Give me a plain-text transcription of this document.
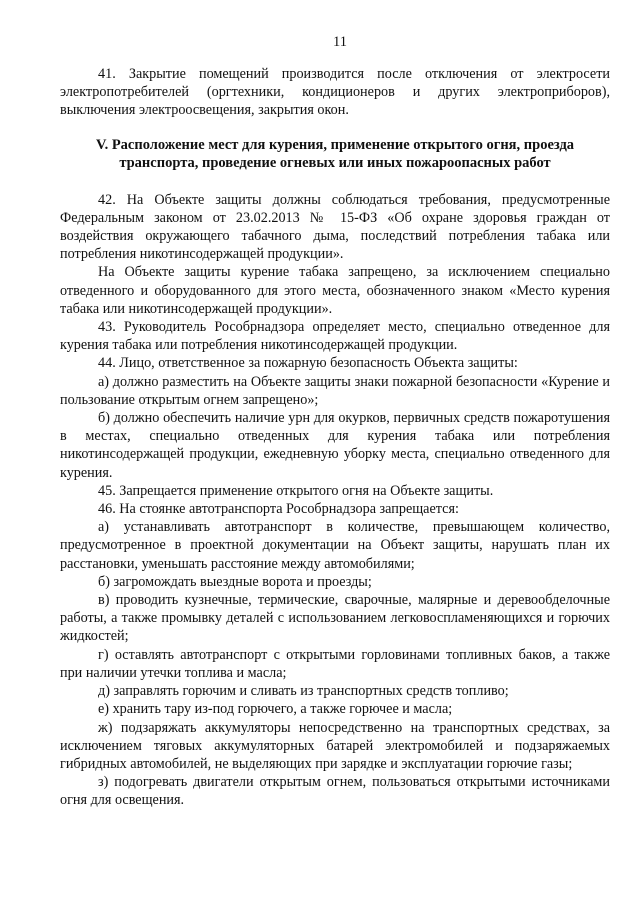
11

41. Закрытие помещений производится после отключения от электросети электропотребителей (оргтехники, кондиционеров и других электроприборов), выключения электроосвещения, закрытия окон.

V. Расположение мест для курения, применение открытого огня, проезда транспорта, проведение огневых или иных пожароопасных работ

42. На Объекте защиты должны соблюдаться требования, предусмотренные Федеральным законом от 23.02.2013 № 15-ФЗ «Об охране здоровья граждан от воздействия окружающего табачного дыма, последствий потребления табака или потребления никотинсодержащей продукции».

На Объекте защиты курение табака запрещено, за исключением специально отведенного и оборудованного для этого места, обозначенного знаком «Место курения табака или никотинсодержащей продукции».

43. Руководитель Рособрнадзора определяет место, специально отведенное для курения табака или потребления никотинсодержащей продукции.

44. Лицо, ответственное за пожарную безопасность Объекта защиты:

а) должно разместить на Объекте защиты знаки пожарной безопасности «Курение и пользование открытым огнем запрещено»;

б) должно обеспечить наличие урн для окурков, первичных средств пожаротушения в местах, специально отведенных для курения табака или потребления никотинсодержащей продукции, ежедневную уборку места, специально отведенного для курения.

45. Запрещается применение открытого огня на Объекте защиты.

46. На стоянке автотранспорта Рособрнадзора запрещается:

а) устанавливать автотранспорт в количестве, превышающем количество, предусмотренное в проектной документации на Объект защиты, нарушать план их расстановки, уменьшать расстояние между автомобилями;

б) загромождать выездные ворота и проезды;

в) проводить кузнечные, термические, сварочные, малярные и деревообделочные работы, а также промывку деталей с использованием легковоспламеняющихся и горючих жидкостей;

г) оставлять автотранспорт с открытыми горловинами топливных баков, а также при наличии утечки топлива и масла;

д) заправлять горючим и сливать из транспортных средств топливо;

е) хранить тару из-под горючего, а также горючее и масла;

ж) подзаряжать аккумуляторы непосредственно на транспортных средствах, за исключением тяговых аккумуляторных батарей электромобилей и подзаряжаемых гибридных автомобилей, не выделяющих при зарядке и эксплуатации горючие газы;

з) подогревать двигатели открытым огнем, пользоваться открытыми источниками огня для освещения.
